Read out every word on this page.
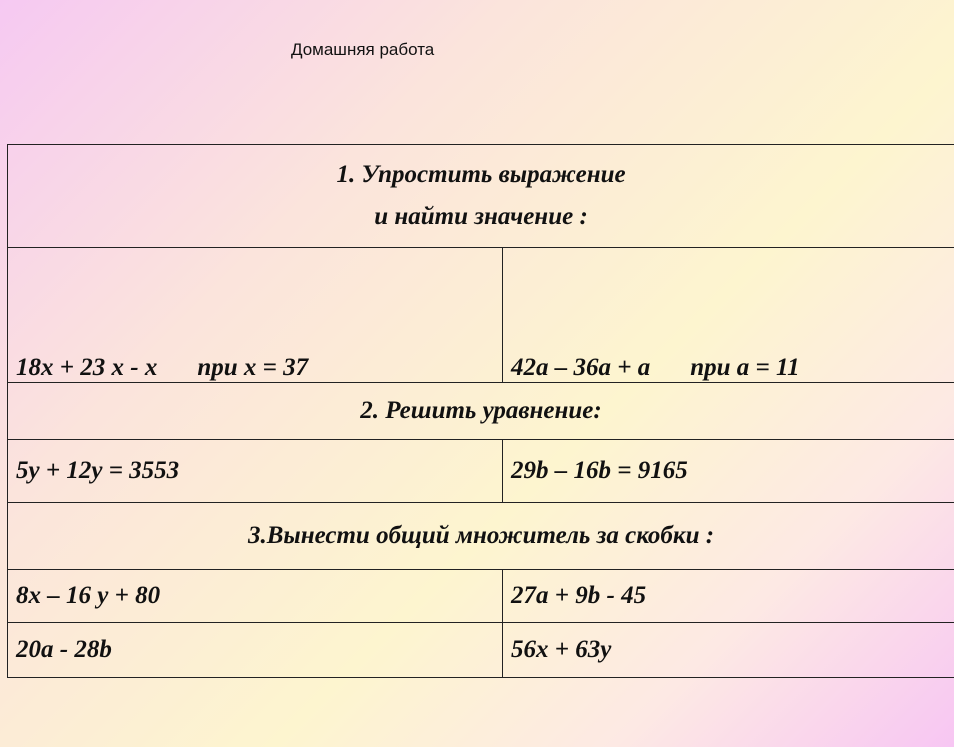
Домашняя работа
1. Упростить выражение
и найти значение :	

18x + 23 x - x при x = 37	42a – 36a + a при a = 11
2. Решить уравнение:	
5y + 12y = 3553	29b – 16b = 9165
3.Вынести общий множитель за скобки :	
8x – 16 y + 80	27a + 9b - 45
20a - 28b	56x + 63y
